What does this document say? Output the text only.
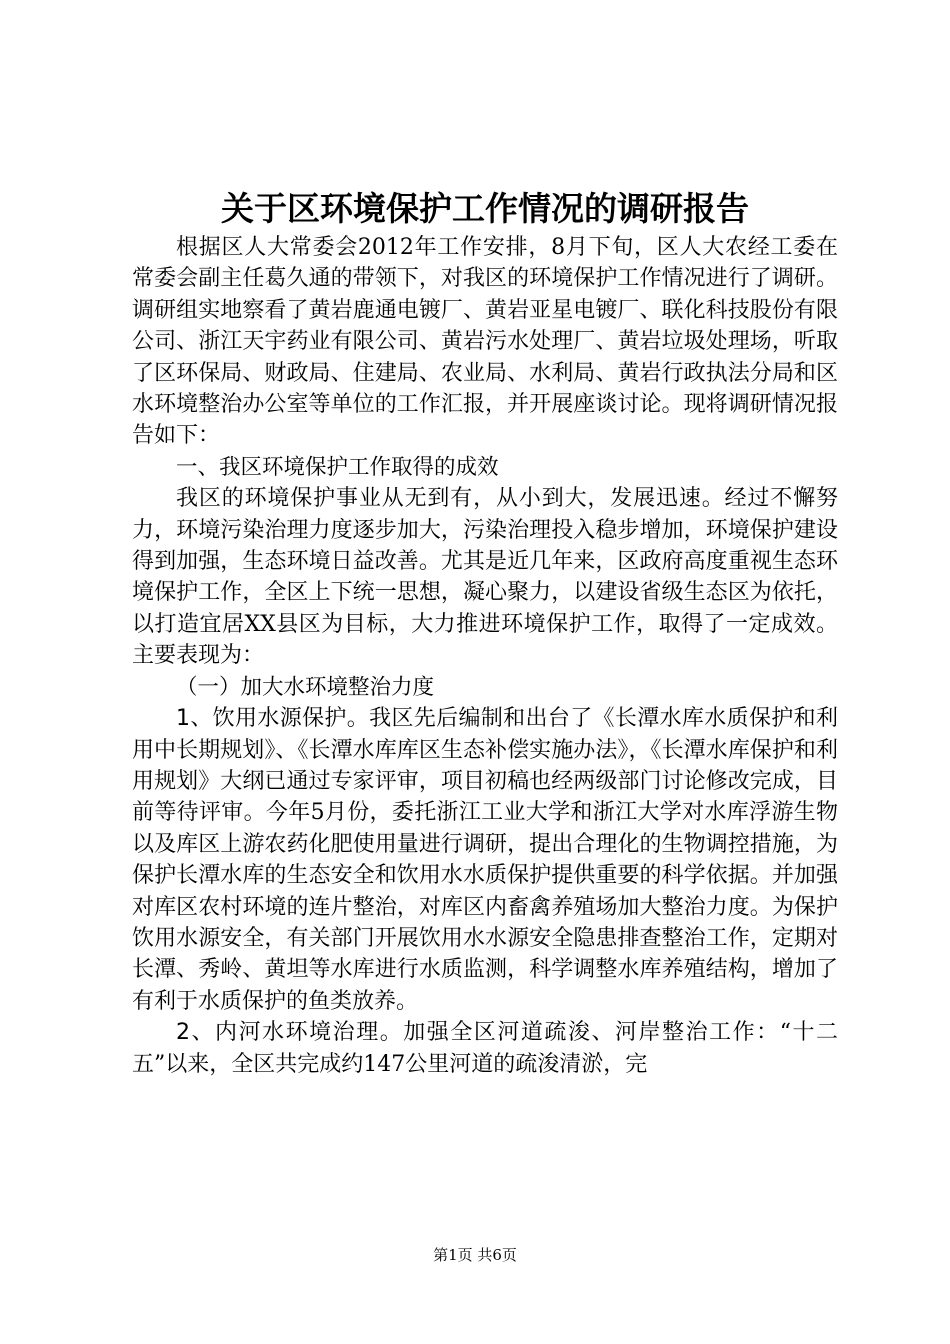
关于区环境保护工作情况的调研报告

根据区人大常委会2012年工作安排，8月下旬，区人大农经工委在常委会副主任葛久通的带领下，对我区的环境保护工作情况进行了调研。调研组实地察看了黄岩鹿通电镀厂、黄岩亚星电镀厂、联化科技股份有限公司、浙江天宇药业有限公司、黄岩污水处理厂、黄岩垃圾处理场，听取了区环保局、财政局、住建局、农业局、水利局、黄岩行政执法分局和区水环境整治办公室等单位的工作汇报，并开展座谈讨论。现将调研情况报告如下：

一、我区环境保护工作取得的成效

我区的环境保护事业从无到有，从小到大，发展迅速。经过不懈努力，环境污染治理力度逐步加大，污染治理投入稳步增加，环境保护建设得到加强，生态环境日益改善。尤其是近几年来，区政府高度重视生态环境保护工作，全区上下统一思想，凝心聚力，以建设省级生态区为依托，以打造宜居XX县区为目标，大力推进环境保护工作，取得了一定成效。主要表现为：

（一）加大水环境整治力度

1、饮用水源保护。我区先后编制和出台了《长潭水库水质保护和利用中长期规划》、《长潭水库库区生态补偿实施办法》，《长潭水库保护和利用规划》大纲已通过专家评审，项目初稿也经两级部门讨论修改完成，目前等待评审。今年5月份，委托浙江工业大学和浙江大学对水库浮游生物以及库区上游农药化肥使用量进行调研，提出合理化的生物调控措施，为保护长潭水库的生态安全和饮用水水质保护提供重要的科学依据。并加强对库区农村环境的连片整治，对库区内畜禽养殖场加大整治力度。为保护饮用水源安全，有关部门开展饮用水水源安全隐患排查整治工作，定期对长潭、秀岭、黄坦等水库进行水质监测，科学调整水库养殖结构，增加了有利于水质保护的鱼类放养。

2、内河水环境治理。加强全区河道疏浚、河岸整治工作：“十二五”以来，全区共完成约147公里河道的疏浚清淤，完

第1页 共6页
